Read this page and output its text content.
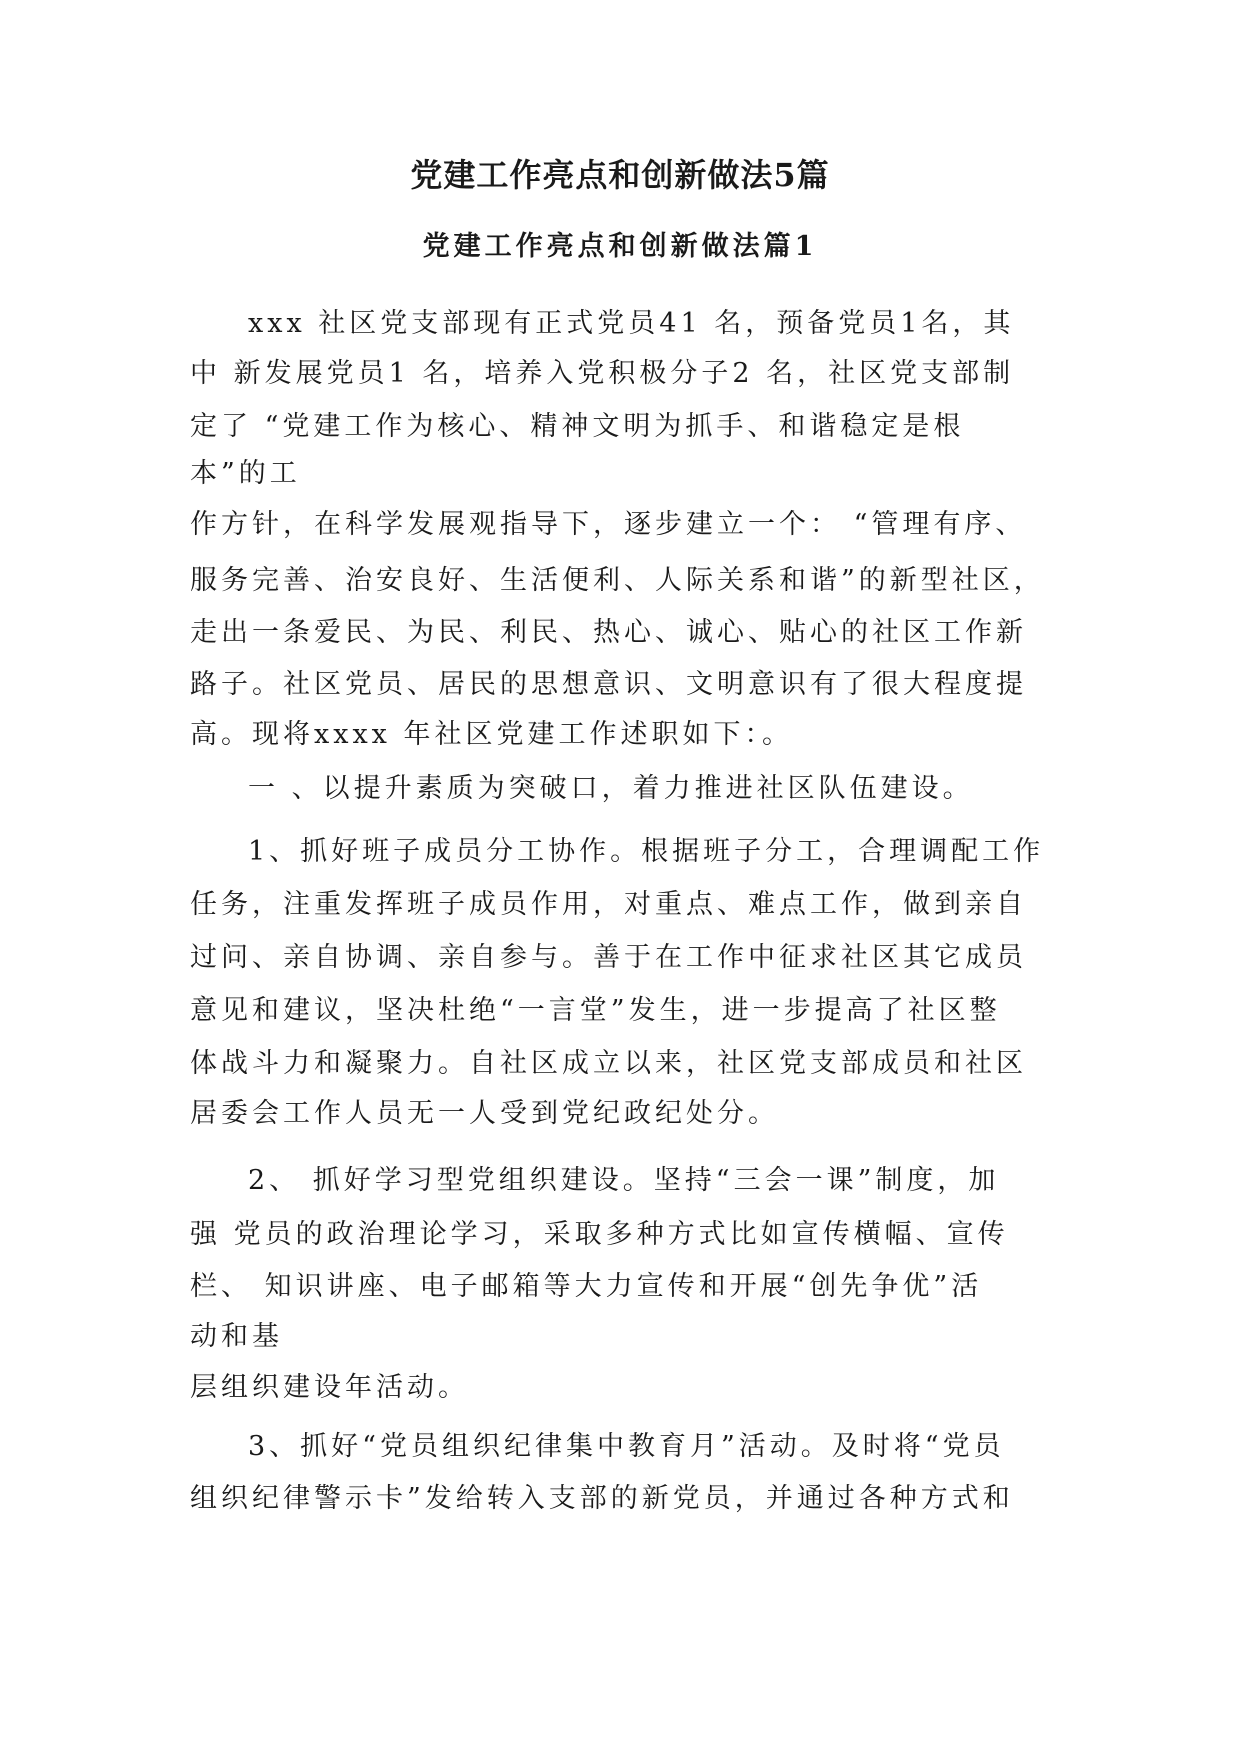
党建工作亮点和创新做法5篇
党建工作亮点和创新做法篇1

xxx 社区党支部现有正式党员41 名，预备党员1名，其

中 新发展党员1 名，培养入党积极分子2 名，社区党支部制

定了 “党建工作为核心、精神文明为抓手、和谐稳定是根

本”的工

作方针，在科学发展观指导下，逐步建立一个： “管理有序、

服务完善、治安良好、生活便利、人际关系和谐”的新型社区，

走出一条爱民、为民、利民、热心、诚心、贴心的社区工作新

路子。社区党员、居民的思想意识、文明意识有了很大程度提

高。现将xxxx 年社区党建工作述职如下：。

一 、以提升素质为突破口，着力推进社区队伍建设。

1、抓好班子成员分工协作。根据班子分工，合理调配工作

任务，注重发挥班子成员作用，对重点、难点工作，做到亲自

过问、亲自协调、亲自参与。善于在工作中征求社区其它成员

意见和建议，坚决杜绝“一言堂”发生，进一步提高了社区整

体战斗力和凝聚力。自社区成立以来，社区党支部成员和社区

居委会工作人员无一人受到党纪政纪处分。

2、 抓好学习型党组织建设。坚持“三会一课”制度，加

强 党员的政治理论学习，采取多种方式比如宣传横幅、宣传

栏、 知识讲座、电子邮箱等大力宣传和开展“创先争优”活

动和基

层组织建设年活动。

3、抓好“党员组织纪律集中教育月”活动。及时将“党员

组织纪律警示卡”发给转入支部的新党员，并通过各种方式和
